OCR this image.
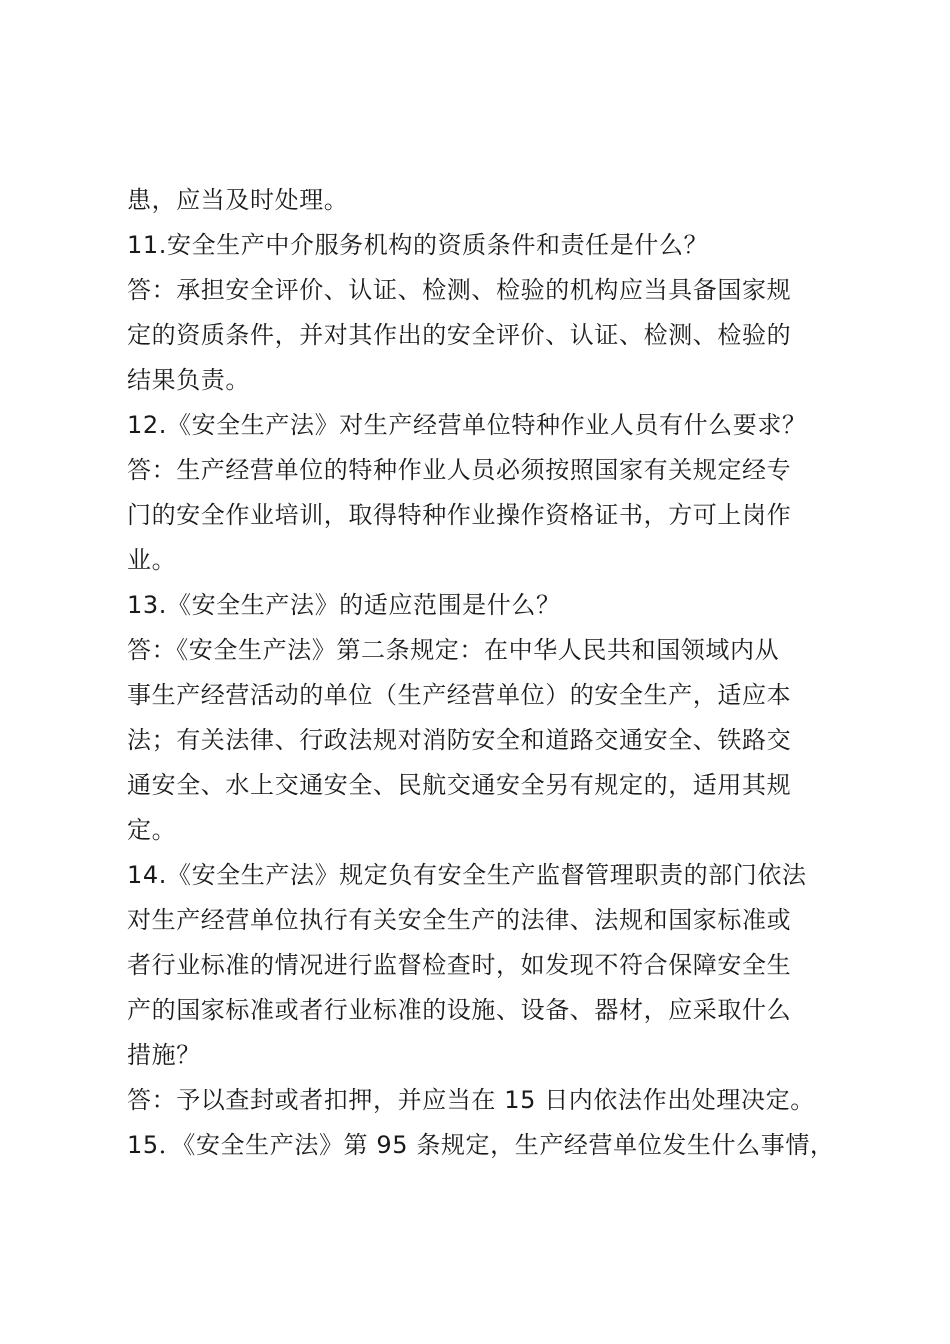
患，应当及时处理。
11.安全生产中介服务机构的资质条件和责任是什么？
答：承担安全评价、认证、检测、检验的机构应当具备国家规
定的资质条件，并对其作出的安全评价、认证、检测、检验的
结果负责。
12.《安全生产法》对生产经营单位特种作业人员有什么要求？
答：生产经营单位的特种作业人员必须按照国家有关规定经专
门的安全作业培训，取得特种作业操作资格证书，方可上岗作
业。
13.《安全生产法》的适应范围是什么？
答：《安全生产法》第二条规定：在中华人民共和国领域内从
事生产经营活动的单位（生产经营单位）的安全生产，适应本
法；有关法律、行政法规对消防安全和道路交通安全、铁路交
通安全、水上交通安全、民航交通安全另有规定的，适用其规
定。
14.《安全生产法》规定负有安全生产监督管理职责的部门依法
对生产经营单位执行有关安全生产的法律、法规和国家标准或
者行业标准的情况进行监督检查时，如发现不符合保障安全生
产的国家标准或者行业标准的设施、设备、器材，应采取什么
措施？
答：予以查封或者扣押，并应当在 15 日内依法作出处理决定。
15．《安全生产法》第 95 条规定，生产经营单位发生什么事情，
